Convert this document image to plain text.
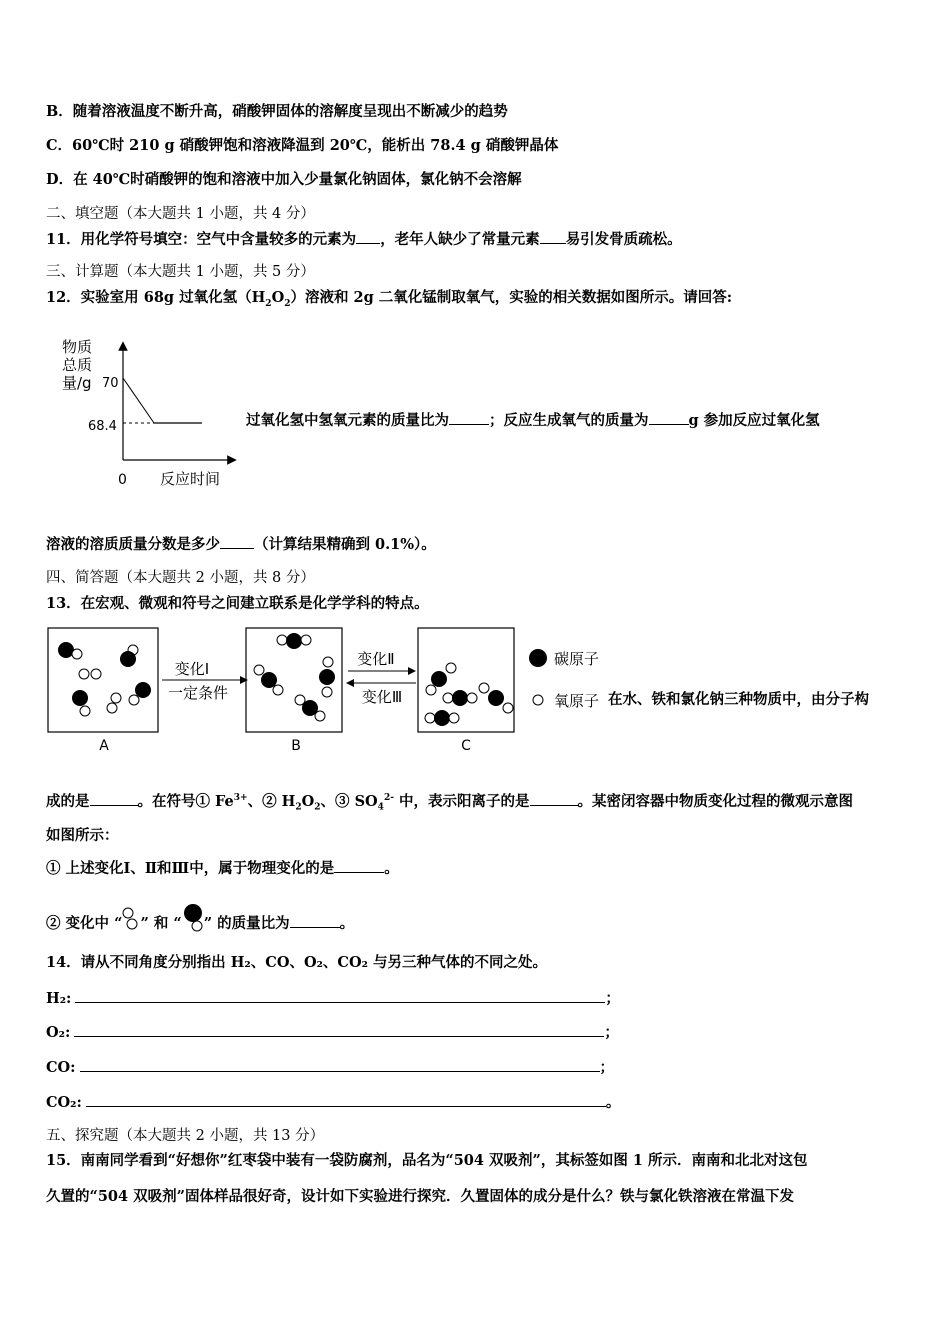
B．随着溶液温度不断升高，硝酸钾固体的溶解度呈现出不断减少的趋势
C．60℃时 210 g 硝酸钾饱和溶液降温到 20℃，能析出 78.4 g 硝酸钾晶体
D．在 40℃时硝酸钾的饱和溶液中加入少量氯化钠固体，氯化钠不会溶解
二、填空题（本大题共 1 小题，共 4 分）
11．用化学符号填空：空气中含量较多的元素为 ，老年人缺少了常量元素 易引发骨质疏松。
三、计算题（本大题共 1 小题，共 5 分）
12．实验室用 68g 过氧化氢$(H_2O_2)$溶液和 2g 二氧化锰制取氧气，实验的相关数据如图所示。请回答:
物质
总质
量/g 70
68.4
0 反应时间
过氧化氢中氢氧元素的质量比为	；反应生成氧气的质量为	g 参加反应过氧化氢
溶液的溶质质量分数是多少 （计算结果精确到 0.1%）。
四、简答题（本大题共 2 小题，共 8 分）
13．在宏观、微观和符号之间建立联系是化学学科的特点。
A
变化Ⅰ
一定条件
B
变化Ⅱ
变化Ⅲ
C
碳原子
氧原子 在水、铁和氯化钠三种物质中，由分子构
成的是	。在符号① $Fe^{3+}$、② $H_2O_2$、③ $SO_4^{2-}$ 中，表示阳离子的是	。某密闭容器中物质变化过程的微观示意图
如图所示：
① 上述变化Ⅰ、Ⅱ和Ⅲ中，属于物理变化的是	。
② 变化中 “ ” 和 “ ” 的质量比为	。
14．请从不同角度分别指出 H₂、CO、O₂、CO₂ 与另三种气体的不同之处。
H₂:	；
O₂:	；
CO:	；
CO₂:	。
五、探究题（本大题共 2 小题，共 13 分）
15．南南同学看到“好想你”红枣袋中装有一袋防腐剂，品名为“504 双吸剂”，其标签如图 1 所示．南南和北北对这包
久置的“504 双吸剂”固体样品很好奇，设计如下实验进行探究．久置固体的成分是什么？铁与氯化铁溶液在常温下发
